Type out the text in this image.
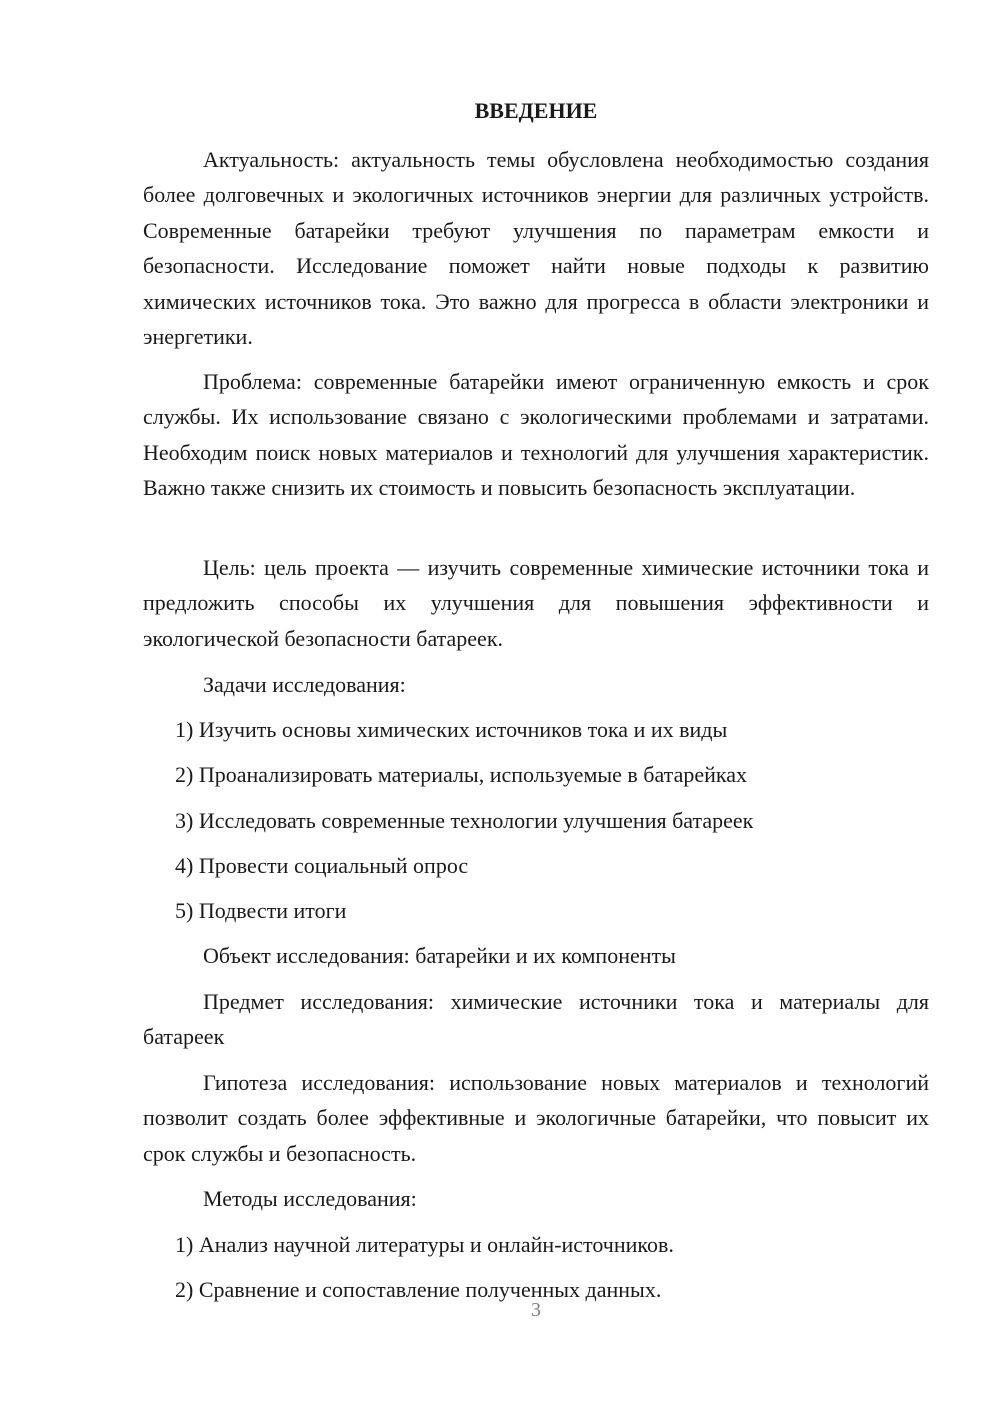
ВВЕДЕНИЕ

Актуальность: актуальность темы обусловлена необходимостью создания более долговечных и экологичных источников энергии для различных устройств. Современные батарейки требуют улучшения по параметрам емкости и безопасности. Исследование поможет найти новые подходы к развитию химических источников тока. Это важно для прогресса в области электроники и энергетики.

Проблема: современные батарейки имеют ограниченную емкость и срок службы. Их использование связано с экологическими проблемами и затратами. Необходим поиск новых материалов и технологий для улучшения характеристик. Важно также снизить их стоимость и повысить безопасность эксплуатации.

Цель: цель проекта — изучить современные химические источники тока и предложить способы их улучшения для повышения эффективности и экологической безопасности батареек.

Задачи исследования:

1) Изучить основы химических источников тока и их виды

2) Проанализировать материалы, используемые в батарейках

3) Исследовать современные технологии улучшения батареек

4) Провести социальный опрос

5) Подвести итоги

Объект исследования: батарейки и их компоненты

Предмет исследования: химические источники тока и материалы для батареек

Гипотеза исследования: использование новых материалов и технологий позволит создать более эффективные и экологичные батарейки, что повысит их срок службы и безопасность.

Методы исследования:

1) Анализ научной литературы и онлайн-источников.

2) Сравнение и сопоставление полученных данных.

3
